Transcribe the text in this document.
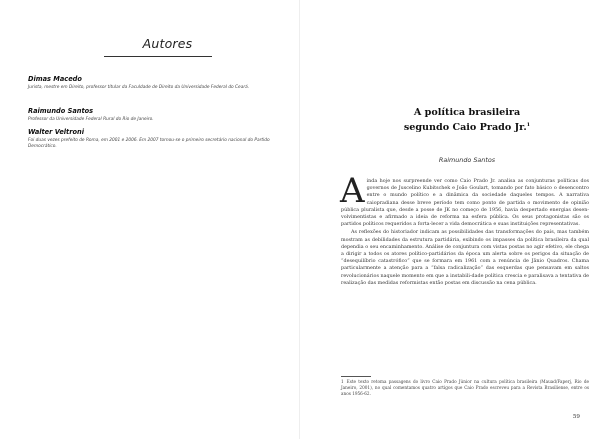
Autores
Dimas Macedo
Jurista, mestre em Direito, professor titular da Faculdade de Direito da Universidade Federal do Ceará.
Raimundo Santos
Professor da Universidade Federal Rural do Rio de Janeiro.
Walter Veltroni
Foi duas vezes prefeito de Roma, em 2001 e 2006. Em 2007 tornou-se o primeiro secretário nacional do Partido Democrático.
A política brasileira
segundo Caio Prado Jr.$^1$
Raimundo Santos

Ainda hoje nos surpreende ver como Caio Prado Jr. analisa as conjunturas políticas dos governos de Juscelino Kubitschek e João Goulart, tomando por fato básico o desencontro entre o mundo político e a dinâmica da sociedade daqueles tempos. A narrativa caiopradiana desse breve período tem como ponto de partida o movimento de opinião pública pluralista que, desde a posse de JK no começo de 1956, havia despertado energias desen-volvimentistas e afirmado a ideia de reforma na esfera pública. Os seus protagonistas são os partidos políticos requeridos a forta-lecer a vida democrática e suas instituições representativas.

As reflexões do historiador indicam as possibilidades das transformações do país, mas também mostram as debilidades da estrutura partidária, exibindo os impasses da política brasileira da qual dependia o seu encaminhamento. Análise de conjuntura com vistas postas no agir efetivo, ele chega a dirigir a todos os atores político-partidários da época um alerta sobre os perigos da situação de “desequilíbrio catastrófico” que se formara em 1961 com a renúncia de Jânio Quadros. Chama particularmente a atenção para a “falsa radicalização” das esquerdas que pensavam em saltos revolucionários naquele momento em que a instabili-dade política crescia e paralisava a tentativa de realização das medidas reformistas então postas em discussão na cena pública.

1 Este texto retoma passagens do livro Caio Prado Júnior na cultura política brasileira (Mauad/Faperj, Rio de Janeiro, 2001), no qual comentamos quatro artigos que Caio Prado escreveu para a Revista Brasiliense, entre os anos 1956-62.
59
